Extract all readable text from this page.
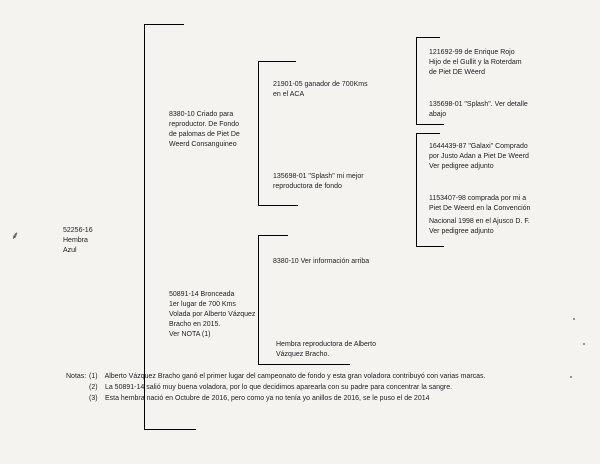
52256-16
Hembra
Azul
⸙
8380-10 Criado para
reproductor. De Fondo
de palomas de Piet De
Weerd Consanguineo
50891-14 Bronceada
1er lugar de 700 Kms
Volada por Alberto Vázquez
Bracho en 2015.
Ver NOTA (1)
21901-05 ganador de 700Kms
en el ACA
135698-01 "Splash" mi mejor
reproductora de fondo
8380-10 Ver información arriba
Hembra reproductora de Alberto
Vázquez Bracho.
121692-99 de Enrique Rojo
Hijo de el Gullit y la Roterdam
de Piet DE Wëerd
135698-01 "Splash". Ver detalle
abajo
1644439-87 "Galaxi" Comprado
por Justo Adan a Piet De Weerd
Ver pedigree adjunto
1153407-98 comprada por mi a
Piet De Weerd en la Convención
Nacional 1998 en el Ajusco D. F.
Ver pedigree adjunto
Notas: (1) Alberto Vázquez Bracho ganó el primer lugar del campeonato de fondo y esta gran voladora contribuyó con varias marcas.
(2) La 50891-14 salió muy buena voladora, por lo que decidimos aparearla con su padre para concentrar la sangre.
(3) Esta hembra nació en Octubre de 2016, pero como ya no tenía yo anillos de 2016, se le puso el de 2014
